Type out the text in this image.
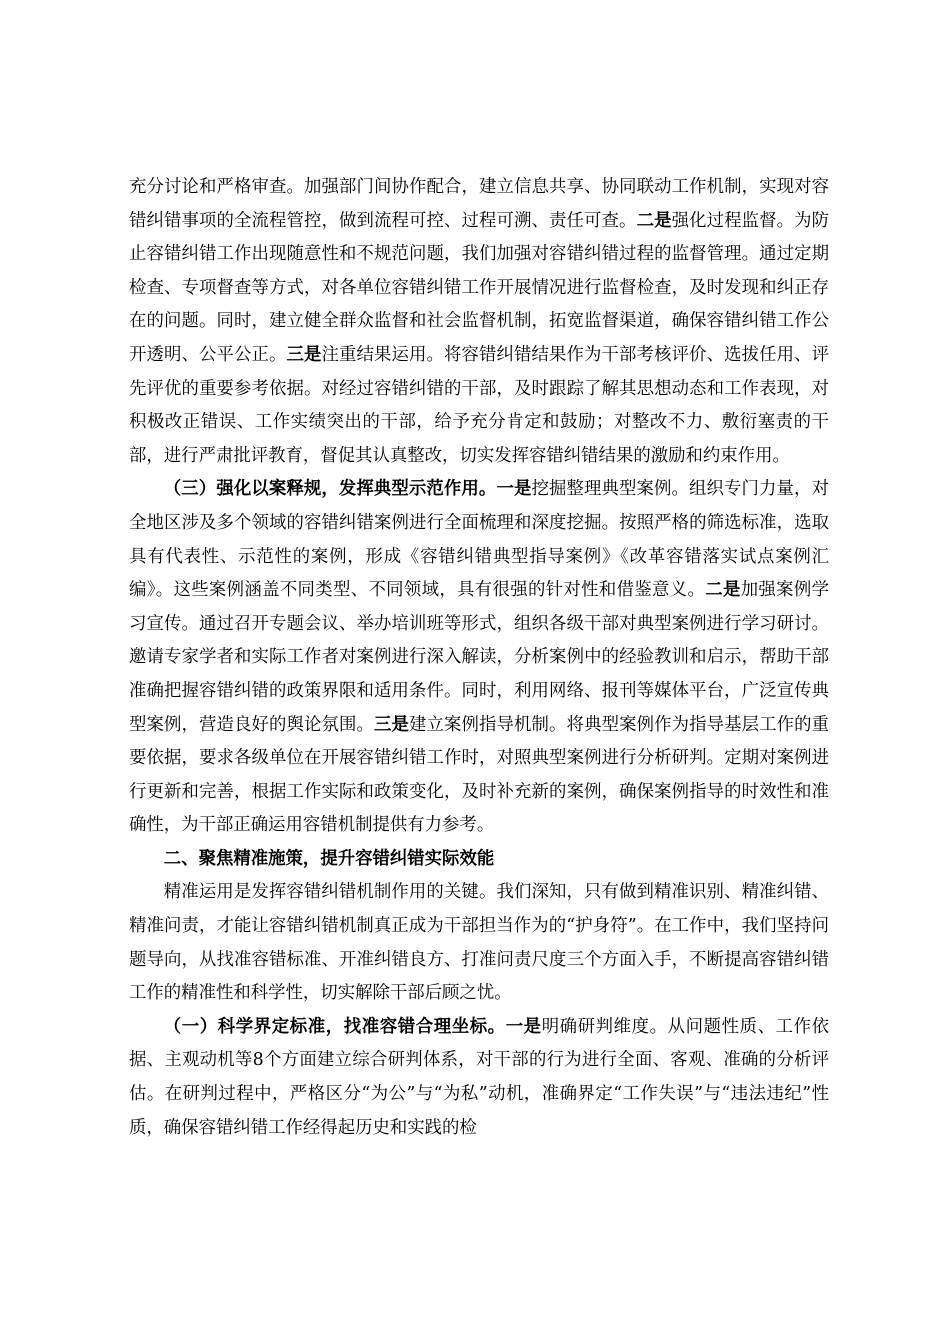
充分讨论和严格审查。加强部门间协作配合，建立信息共享、协同联动工作机制，实现对容错纠错事项的全流程管控，做到流程可控、过程可溯、责任可查。二是强化过程监督。为防止容错纠错工作出现随意性和不规范问题，我们加强对容错纠错过程的监督管理。通过定期检查、专项督查等方式，对各单位容错纠错工作开展情况进行监督检查，及时发现和纠正存在的问题。同时，建立健全群众监督和社会监督机制，拓宽监督渠道，确保容错纠错工作公开透明、公平公正。三是注重结果运用。将容错纠错结果作为干部考核评价、选拔任用、评先评优的重要参考依据。对经过容错纠错的干部，及时跟踪了解其思想动态和工作表现，对积极改正错误、工作实绩突出的干部，给予充分肯定和鼓励；对整改不力、敷衍塞责的干部，进行严肃批评教育，督促其认真整改，切实发挥容错纠错结果的激励和约束作用。

（三）强化以案释规，发挥典型示范作用。一是挖掘整理典型案例。组织专门力量，对全地区涉及多个领域的容错纠错案例进行全面梳理和深度挖掘。按照严格的筛选标准，选取具有代表性、示范性的案例，形成《容错纠错典型指导案例》《改革容错落实试点案例汇编》。这些案例涵盖不同类型、不同领域，具有很强的针对性和借鉴意义。二是加强案例学习宣传。通过召开专题会议、举办培训班等形式，组织各级干部对典型案例进行学习研讨。邀请专家学者和实际工作者对案例进行深入解读，分析案例中的经验教训和启示，帮助干部准确把握容错纠错的政策界限和适用条件。同时，利用网络、报刊等媒体平台，广泛宣传典型案例，营造良好的舆论氛围。三是建立案例指导机制。将典型案例作为指导基层工作的重要依据，要求各级单位在开展容错纠错工作时，对照典型案例进行分析研判。定期对案例进行更新和完善，根据工作实际和政策变化，及时补充新的案例，确保案例指导的时效性和准确性，为干部正确运用容错机制提供有力参考。

二、聚焦精准施策，提升容错纠错实际效能

精准运用是发挥容错纠错机制作用的关键。我们深知，只有做到精准识别、精准纠错、精准问责，才能让容错纠错机制真正成为干部担当作为的“护身符”。在工作中，我们坚持问题导向，从找准容错标准、开准纠错良方、打准问责尺度三个方面入手，不断提高容错纠错工作的精准性和科学性，切实解除干部后顾之忧。

（一）科学界定标准，找准容错合理坐标。一是明确研判维度。从问题性质、工作依据、主观动机等8个方面建立综合研判体系，对干部的行为进行全面、客观、准确的分析评估。在研判过程中，严格区分“为公”与“为私”动机，准确界定“工作失误”与“违法违纪”性质，确保容错纠错工作经得起历史和实践的检
